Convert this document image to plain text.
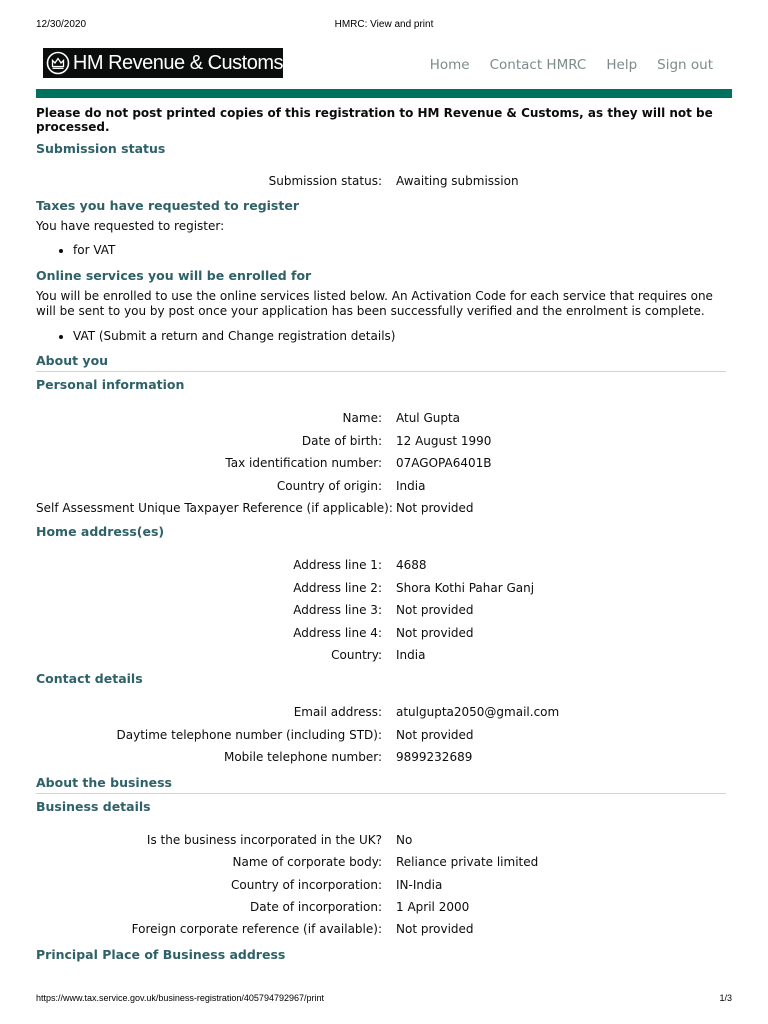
12/30/2020	HMRC: View and print
HM Revenue & Customs	Home Contact HMRC Help Sign out

Please do not post printed copies of this registration to HM Revenue & Customs, as they will not be processed.

Submission status
Submission status: Awaiting submission
Taxes you have requested to register

You have requested to register:

• for VAT
Online services you will be enrolled for

You will be enrolled to use the online services listed below. An Activation Code for each service that requires one will be sent to you by post once your application has been successfully verified and the enrolment is complete.

• VAT (Submit a return and Change registration details)
About you
Personal information
Name: Atul Gupta
Date of birth: 12 August 1990
Tax identification number: 07AGOPA6401B
Country of origin: India
Self Assessment Unique Taxpayer Reference (if applicable): Not provided
Home address(es)
Address line 1: 4688
Address line 2: Shora Kothi Pahar Ganj
Address line 3: Not provided
Address line 4: Not provided
Country: India
Contact details
Email address: atulgupta2050@gmail.com
Daytime telephone number (including STD): Not provided
Mobile telephone number: 9899232689
About the business
Business details
Is the business incorporated in the UK? No
Name of corporate body: Reliance private limited
Country of incorporation: IN-India
Date of incorporation: 1 April 2000
Foreign corporate reference (if available): Not provided
Principal Place of Business address
https://www.tax.service.gov.uk/business-registration/405794792967/print	1/3
